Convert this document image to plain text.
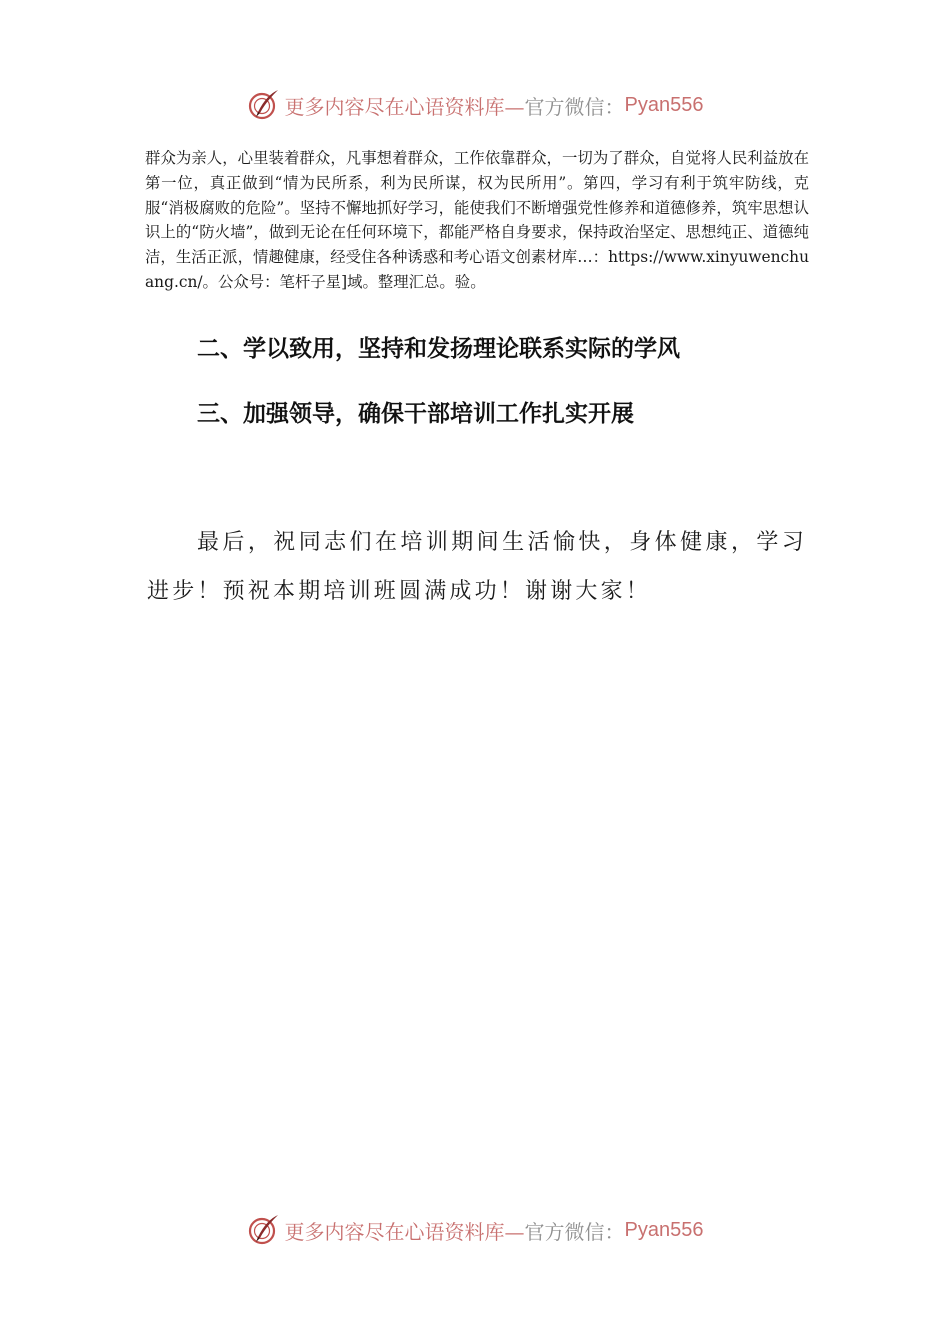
更多内容尽在心语资料库— 官方微信： Pyan556

群众为亲人，心里装着群众，凡事想着群众，工作依靠群众，一切为了群众，自觉将人民利益放在第一位，真正做到“情为民所系，利为民所谋，权为民所用”。第四，学习有利于筑牢防线，克服“消极腐败的危险”。坚持不懈地抓好学习，能使我们不断增强党性修养和道德修养，筑牢思想认识上的“防火墙”，做到无论在任何环境下，都能严格自身要求，保持政治坚定、思想纯正、道德纯洁，生活正派，情趣健康，经受住各种诱惑和考心语文创素材库…：https://www.xinyuwenchuang.cn/。公众号：笔杆子星]域。整理汇总。验。

二、学以致用，坚持和发扬理论联系实际的学风
三、加强领导，确保干部培训工作扎实开展

最后，祝同志们在培训期间生活愉快，身体健康，学习进步！预祝本期培训班圆满成功！谢谢大家！

更多内容尽在心语资料库— 官方微信： Pyan556
